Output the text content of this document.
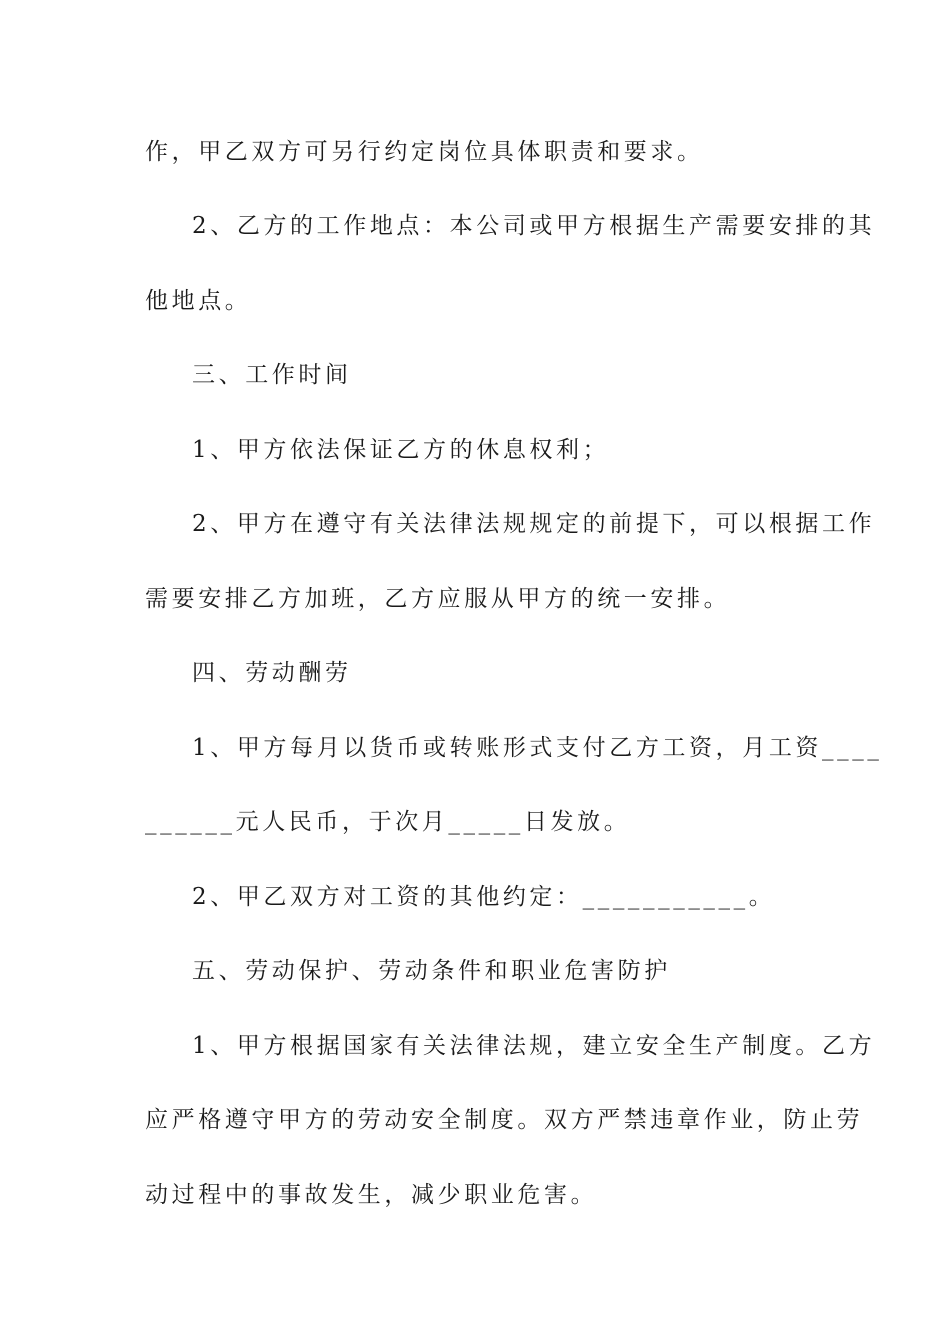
作，甲乙双方可另行约定岗位具体职责和要求。
2、乙方的工作地点：本公司或甲方根据生产需要安排的其
他地点。
三、工作时间
1、甲方依法保证乙方的休息权利；
2、甲方在遵守有关法律法规规定的前提下，可以根据工作
需要安排乙方加班，乙方应服从甲方的统一安排。
四、劳动酬劳
1、甲方每月以货币或转账形式支付乙方工资，月工资____
______元人民币，于次月_____日发放。
2、甲乙双方对工资的其他约定：___________。
五、劳动保护、劳动条件和职业危害防护
1、甲方根据国家有关法律法规，建立安全生产制度。乙方
应严格遵守甲方的劳动安全制度。双方严禁违章作业，防止劳
动过程中的事故发生，减少职业危害。
